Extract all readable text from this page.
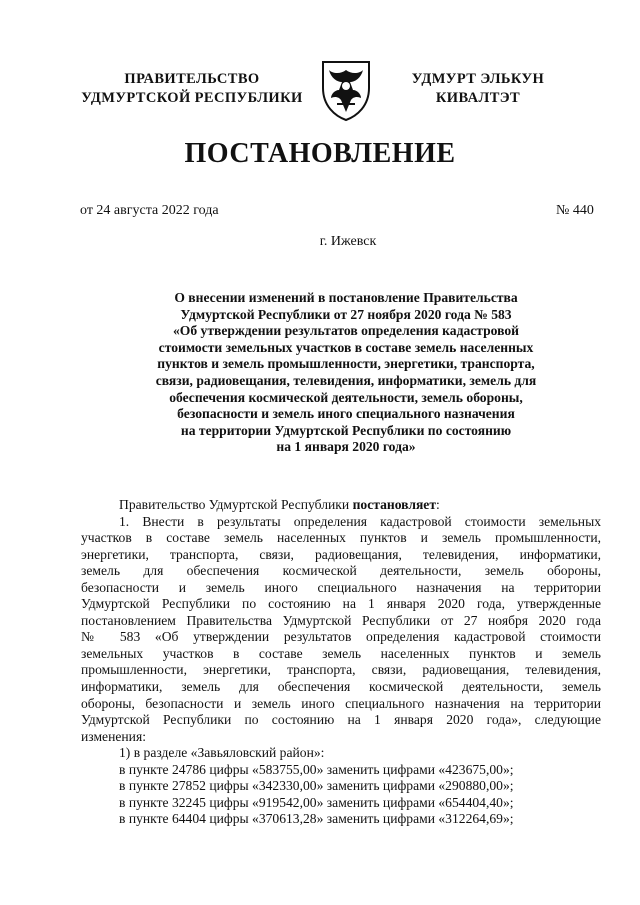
ПРАВИТЕЛЬСТВО
УДМУРТСКОЙ РЕСПУБЛИКИ
УДМУРТ ЭЛЬКУН
КИВАЛТЭТ
ПОСТАНОВЛЕНИЕ
от 24 августа 2022 года	№ 440
г. Ижевск
О внесении изменений в постановление Правительства
Удмуртской Республики от 27 ноября 2020 года № 583
«Об утверждении результатов определения кадастровой
стоимости земельных участков в составе земель населенных
пунктов и земель промышленности, энергетики, транспорта,
связи, радиовещания, телевидения, информатики, земель для
обеспечения космической деятельности, земель обороны,
безопасности и земель иного специального назначения
на территории Удмуртской Республики по состоянию
на 1 января 2020 года»
Правительство Удмуртской Республики постановляет:
1. Внести в результаты определения кадастровой стоимости земельных
участков в составе земель населенных пунктов и земель промышленности,
энергетики, транспорта, связи, радиовещания, телевидения, информатики,
земель для обеспечения космической деятельности, земель обороны,
безопасности и земель иного специального назначения на территории
Удмуртской Республики по состоянию на 1 января 2020 года, утвержденные
постановлением Правительства Удмуртской Республики от 27 ноября 2020 года
№ 583 «Об утверждении результатов определения кадастровой стоимости
земельных участков в составе земель населенных пунктов и земель
промышленности, энергетики, транспорта, связи, радиовещания, телевидения,
информатики, земель для обеспечения космической деятельности, земель
обороны, безопасности и земель иного специального назначения на территории
Удмуртской Республики по состоянию на 1 января 2020 года», следующие
изменения:
1) в разделе «Завьяловский район»:
в пункте 24786 цифры «583755,00» заменить цифрами «423675,00»;
в пункте 27852 цифры «342330,00» заменить цифрами «290880,00»;
в пункте 32245 цифры «919542,00» заменить цифрами «654404,40»;
в пункте 64404 цифры «370613,28» заменить цифрами «312264,69»;
